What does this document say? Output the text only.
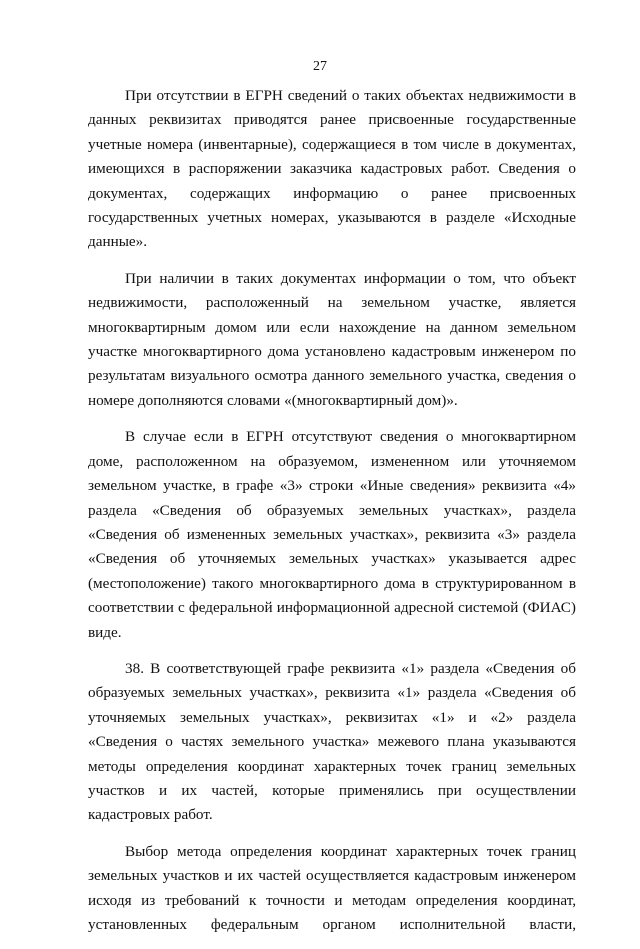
27

При отсутствии в ЕГРН сведений о таких объектах недвижимости в данных реквизитах приводятся ранее присвоенные государственные учетные номера (инвентарные), содержащиеся в том числе в документах, имеющихся в распоряжении заказчика кадастровых работ. Сведения о документах, содержащих информацию о ранее присвоенных государственных учетных номерах, указываются в разделе «Исходные данные».

При наличии в таких документах информации о том, что объект недвижимости, расположенный на земельном участке, является многоквартирным домом или если нахождение на данном земельном участке многоквартирного дома установлено кадастровым инженером по результатам визуального осмотра данного земельного участка, сведения о номере дополняются словами «(многоквартирный дом)».

В случае если в ЕГРН отсутствуют сведения о многоквартирном доме, расположенном на образуемом, измененном или уточняемом земельном участке, в графе «3» строки «Иные сведения» реквизита «4» раздела «Сведения об образуемых земельных участках», раздела «Сведения об измененных земельных участках», реквизита «3» раздела «Сведения об уточняемых земельных участках» указывается адрес (местоположение) такого многоквартирного дома в структурированном в соответствии с федеральной информационной адресной системой (ФИАС) виде.

38. В соответствующей графе реквизита «1» раздела «Сведения об образуемых земельных участках», реквизита «1» раздела «Сведения об уточняемых земельных участках», реквизитах «1» и «2» раздела «Сведения о частях земельного участка» межевого плана указываются методы определения координат характерных точек границ земельных участков и их частей, которые применялись при осуществлении кадастровых работ.

Выбор метода определения координат характерных точек границ земельных участков и их частей осуществляется кадастровым инженером исходя из требований к точности и методам определения координат, установленных федеральным органом исполнительной власти,
